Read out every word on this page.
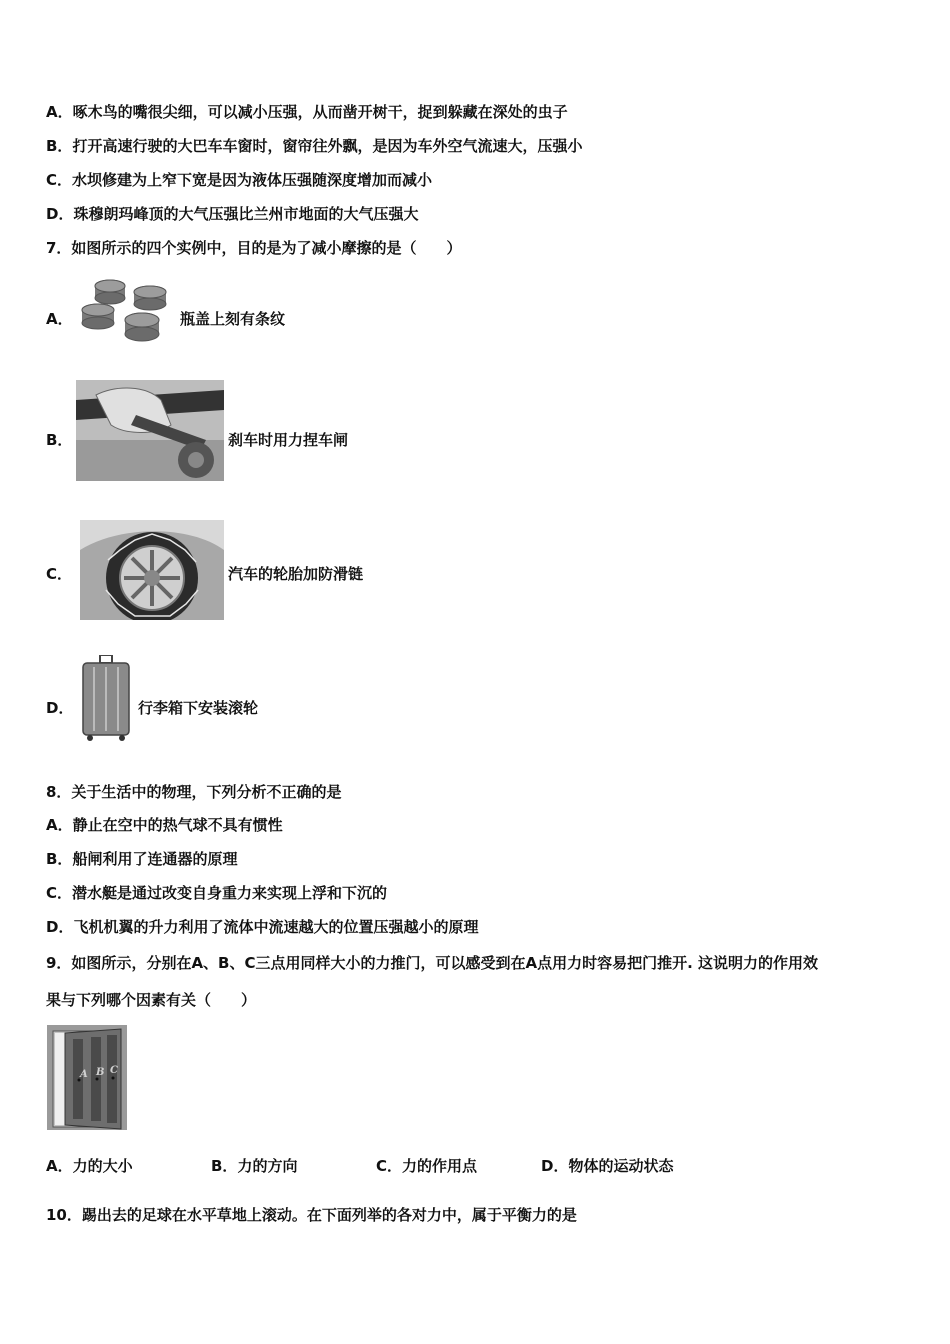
A．啄木鸟的嘴很尖细，可以减小压强，从而凿开树干，捉到躲藏在深处的虫子
B．打开高速行驶的大巴车车窗时，窗帘往外飘，是因为车外空气流速大，压强小
C．水坝修建为上窄下宽是因为液体压强随深度增加而减小
D．珠穆朗玛峰顶的大气压强比兰州市地面的大气压强大
7．如图所示的四个实例中，目的是为了减小摩擦的是（　　）
A．	瓶盖上刻有条纹
B．	刹车时用力捏车闸
C．	汽车的轮胎加防滑链
D．	行李箱下安装滚轮
8．关于生活中的物理，下列分析不正确的是
A．静止在空中的热气球不具有惯性
B．船闸利用了连通器的原理
C．潜水艇是通过改变自身重力来实现上浮和下沉的
D．飞机机翼的升力利用了流体中流速越大的位置压强越小的原理
9．如图所示，分别在A、B、C三点用同样大小的力推门，可以感受到在A点用力时容易把门推开. 这说明力的作用效
果与下列哪个因素有关（　　）
A B C
A．力的大小	B．力的方向	C．力的作用点	D．物体的运动状态
10．踢出去的足球在水平草地上滚动。在下面列举的各对力中，属于平衡力的是
